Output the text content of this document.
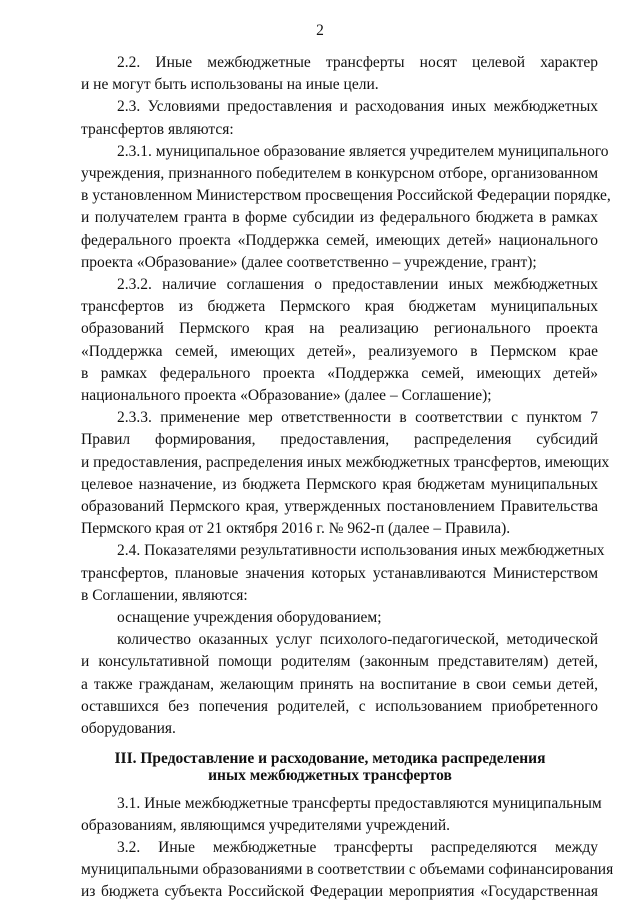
2
2.2. Иные межбюджетные трансферты носят целевой характер
и не могут быть использованы на иные цели.
2.3. Условиями предоставления и расходования иных межбюджетных
трансфертов являются:
2.3.1. муниципальное образование является учредителем муниципального
учреждения, признанного победителем в конкурсном отборе, организованном
в установленном Министерством просвещения Российской Федерации порядке,
и получателем гранта в форме субсидии из федерального бюджета в рамках
федерального проекта «Поддержка семей, имеющих детей» национального
проекта «Образование» (далее соответственно – учреждение, грант);
2.3.2. наличие соглашения о предоставлении иных межбюджетных
трансфертов из бюджета Пермского края бюджетам муниципальных
образований Пермского края на реализацию регионального проекта
«Поддержка семей, имеющих детей», реализуемого в Пермском крае
в рамках федерального проекта «Поддержка семей, имеющих детей»
национального проекта «Образование» (далее – Соглашение);
2.3.3. применение мер ответственности в соответствии с пунктом 7
Правил формирования, предоставления, распределения субсидий
и предоставления, распределения иных межбюджетных трансфертов, имеющих
целевое назначение, из бюджета Пермского края бюджетам муниципальных
образований Пермского края, утвержденных постановлением Правительства
Пермского края от 21 октября 2016 г. № 962-п (далее – Правила).
2.4. Показателями результативности использования иных межбюджетных
трансфертов, плановые значения которых устанавливаются Министерством
в Соглашении, являются:
оснащение учреждения оборудованием;
количество оказанных услуг психолого-педагогической, методической
и консультативной помощи родителям (законным представителям) детей,
а также гражданам, желающим принять на воспитание в свои семьи детей,
оставшихся без попечения родителей, с использованием приобретенного
оборудования.
III. Предоставление и расходование, методика распределения
иных межбюджетных трансфертов
3.1. Иные межбюджетные трансферты предоставляются муниципальным
образованиям, являющимся учредителями учреждений.
3.2. Иные межбюджетные трансферты распределяются между
муниципальными образованиями в соответствии с объемами софинансирования
из бюджета субъекта Российской Федерации мероприятия «Государственная
